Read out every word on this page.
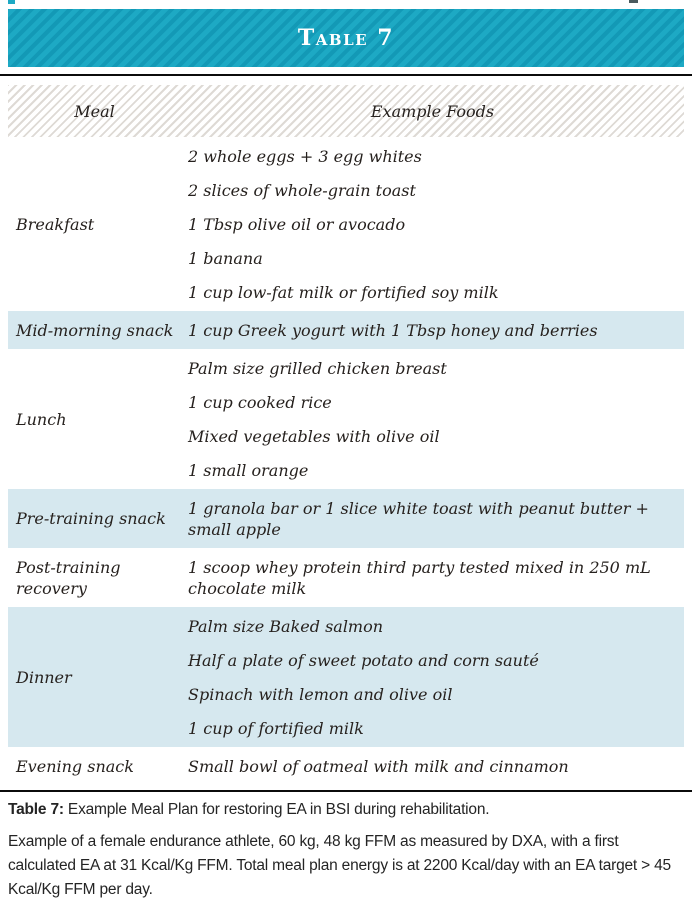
Table 7
Meal	Example Foods
Breakfast
2 whole eggs + 3 egg whites
2 slices of whole-grain toast
1 Tbsp olive oil or avocado
1 banana
1 cup low-fat milk or fortified soy milk
Mid-morning snack 1 cup Greek yogurt with 1 Tbsp honey and berries
Lunch
Palm size grilled chicken breast
1 cup cooked rice
Mixed vegetables with olive oil
1 small orange
Pre-training snack
1 granola bar or 1 slice white toast with peanut butter + small apple
Post-training recovery
1 scoop whey protein third party tested mixed in 250 mL chocolate milk
Dinner
Palm size Baked salmon
Half a plate of sweet potato and corn sauté
Spinach with lemon and olive oil
1 cup of fortified milk
Evening snack	Small bowl of oatmeal with milk and cinnamon

Table 7: Example Meal Plan for restoring EA in BSI during rehabilitation.

Example of a female endurance athlete, 60 kg, 48 kg FFM as measured by DXA, with a first calculated EA at 31 Kcal/Kg FFM. Total meal plan energy is at 2200 Kcal/day with an EA target > 45 Kcal/Kg FFM per day.
